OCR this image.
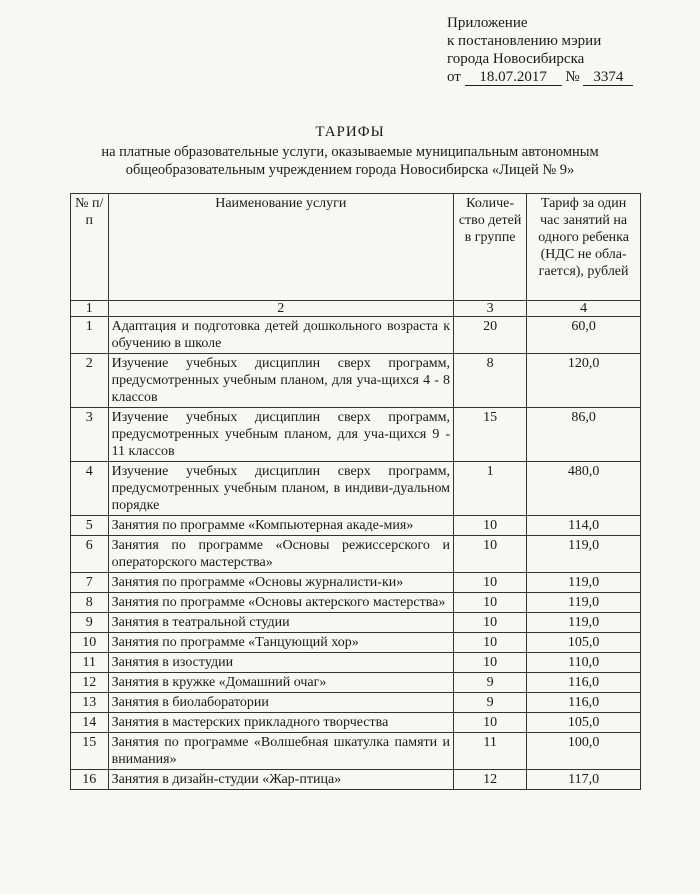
Приложение
к постановлению мэрии
города Новосибирска
от 18.07.2017 № 3374
ТАРИФЫ
на платные образовательные услуги, оказываемые муниципальным автономным общеобразовательным учреждением города Новосибирска «Лицей № 9»
№ п/п	Наименование услуги	Количе-ство детей в группе	Тариф за один час занятий на одного ребенка (НДС не обла-гается), рублей
1	2	3	4
1	Адаптация и подготовка детей дошкольного возраста к обучению в школе	20	60,0
2	Изучение учебных дисциплин сверх программ, предусмотренных учебным планом, для уча-щихся 4 - 8 классов	8	120,0
3	Изучение учебных дисциплин сверх программ, предусмотренных учебным планом, для уча-щихся 9 - 11 классов	15	86,0
4	Изучение учебных дисциплин сверх программ, предусмотренных учебным планом, в индиви-дуальном порядке	1	480,0
5	Занятия по программе «Компьютерная акаде-мия»	10	114,0
6	Занятия по программе «Основы режиссерского и операторского мастерства»	10	119,0
7	Занятия по программе «Основы журналисти-ки»	10	119,0
8	Занятия по программе «Основы актерского мастерства»	10	119,0
9	Занятия в театральной студии	10	119,0
10	Занятия по программе «Танцующий хор»	10	105,0
11	Занятия в изостудии	10	110,0
12	Занятия в кружке «Домашний очаг»	9	116,0
13	Занятия в биолаборатории	9	116,0
14	Занятия в мастерских прикладного творчества	10	105,0
15	Занятия по программе «Волшебная шкатулка памяти и внимания»	11	100,0
16	Занятия в дизайн-студии «Жар-птица»	12	117,0
